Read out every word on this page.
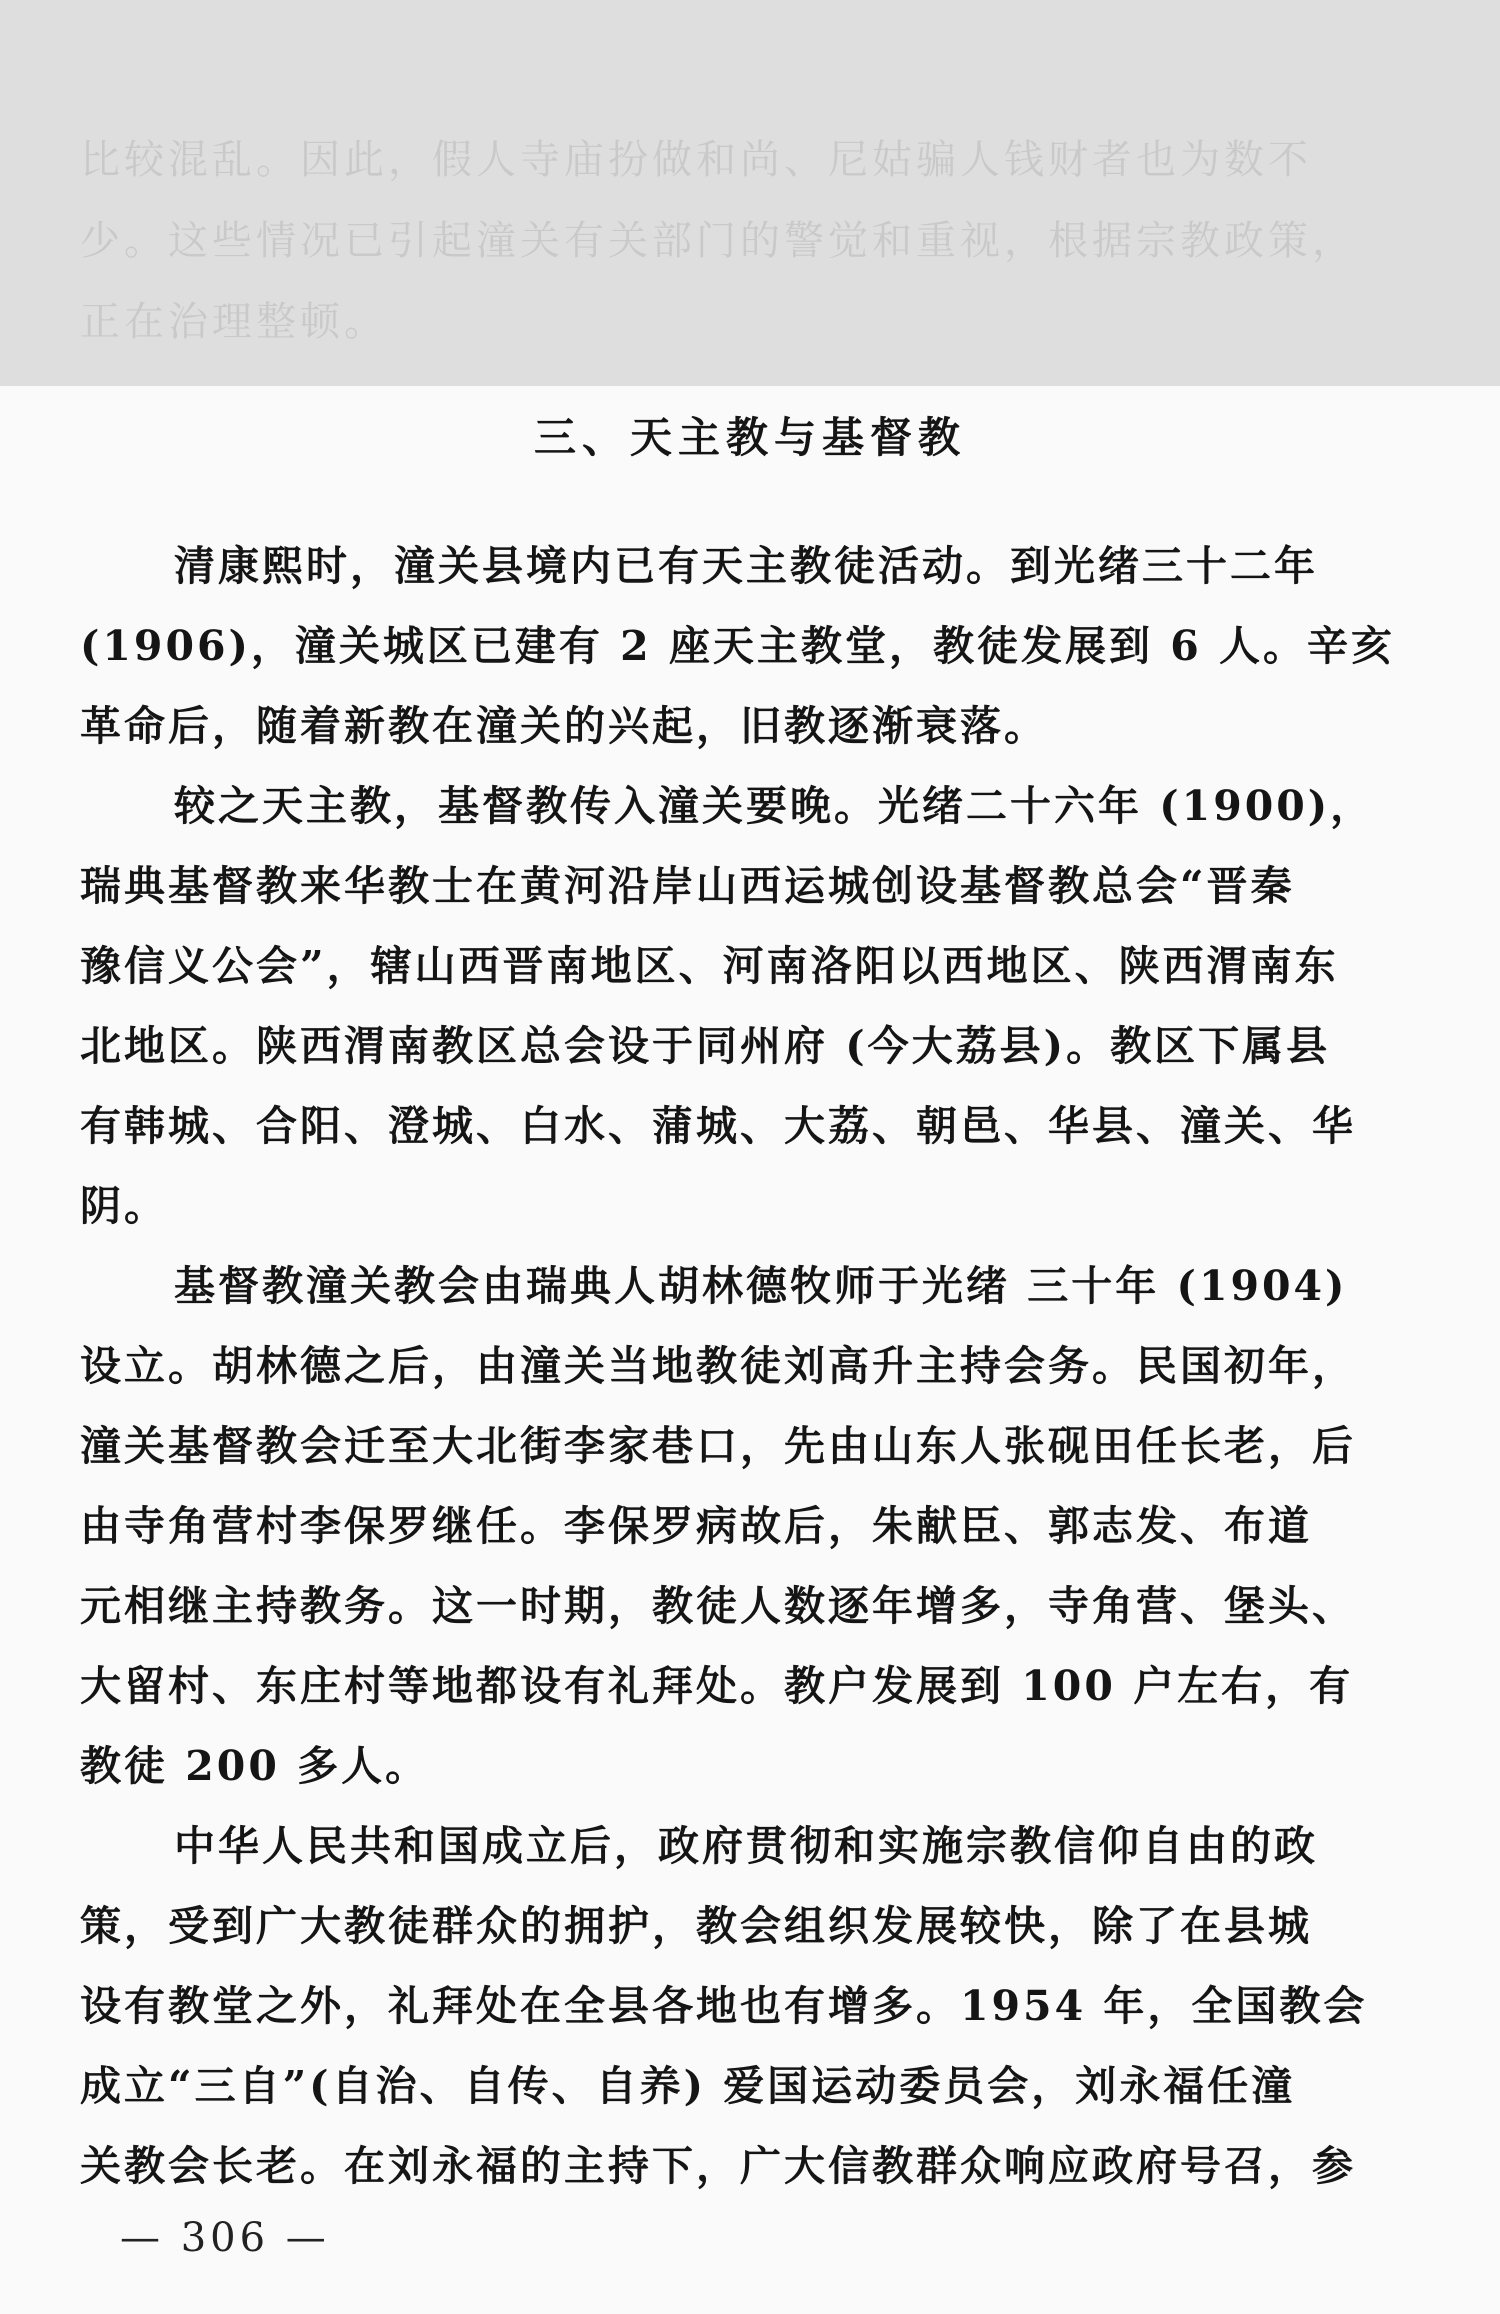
比较混乱。因此，假人寺庙扮做和尚、尼姑骗人钱财者也为数不

少。这些情况已引起潼关有关部门的警觉和重视，根据宗教政策，

正在治理整顿。

三、天主教与基督教

清康熙时，潼关县境内已有天主教徒活动。到光绪三十二年
(1906)，潼关城区已建有 2 座天主教堂，教徒发展到 6 人。辛亥
革命后，随着新教在潼关的兴起，旧教逐渐衰落。

较之天主教，基督教传入潼关要晚。光绪二十六年 (1900)，
瑞典基督教来华教士在黄河沿岸山西运城创设基督教总会“晋秦
豫信义公会”，辖山西晋南地区、河南洛阳以西地区、陕西渭南东
北地区。陕西渭南教区总会设于同州府 (今大荔县)。教区下属县
有韩城、合阳、澄城、白水、蒲城、大荔、朝邑、华县、潼关、华
阴。

基督教潼关教会由瑞典人胡林德牧师于光绪 三十年 (1904)
设立。胡林德之后，由潼关当地教徒刘高升主持会务。民国初年，
潼关基督教会迁至大北街李家巷口，先由山东人张砚田任长老，后
由寺角营村李保罗继任。李保罗病故后，朱献臣、郭志发、布道
元相继主持教务。这一时期，教徒人数逐年增多，寺角营、堡头、
大留村、东庄村等地都设有礼拜处。教户发展到 100 户左右，有
教徒 200 多人。

中华人民共和国成立后，政府贯彻和实施宗教信仰自由的政
策，受到广大教徒群众的拥护，教会组织发展较快，除了在县城
设有教堂之外，礼拜处在全县各地也有增多。1954 年，全国教会
成立“三自”(自治、自传、自养) 爱国运动委员会，刘永福任潼
关教会长老。在刘永福的主持下，广大信教群众响应政府号召，参

— 306 —
